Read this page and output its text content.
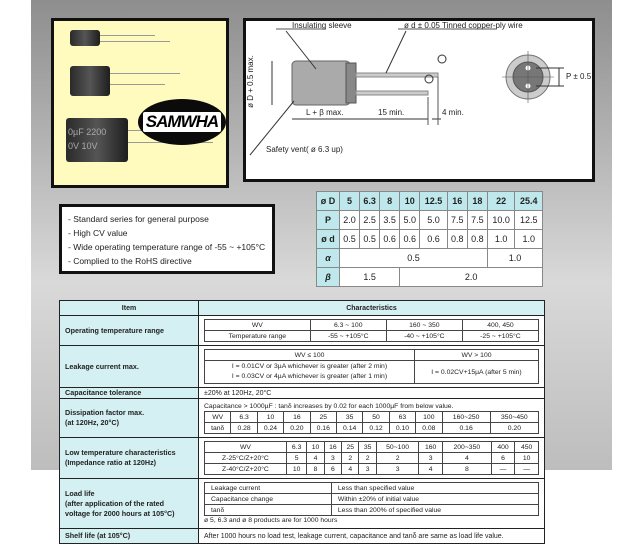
0µF 2200
0V 10V
SAMWHA
Insulating sleeve	ø d ± 0.05 Tinned copper-ply wire
ø D + 0.5 max.
L + β max.	15 min.	4 min.
Safety vent( ø 6.3 up)
P ± 0.5
- Standard series for general purpose
- High CV value
- Wide operating temperature range of -55 ~ +105°C
- Complied to the RoHS directive
ø D	5	6.3	8	10	12.5	16	18	22	25.4
P	2.0	2.5	3.5	5.0	5.0	7.5	7.5	10.0	12.5
ø d	0.5	0.5	0.6	0.6	0.6	0.8	0.8	1.0	1.0
α	0.5							1.0	
β	1.5			2.0					
Item	Characteristics
Operating temperature range	
WV	6.3 ~ 100	160 ~ 350	400, 450
Temperature range	-55 ~ +105°C	-40 ~ +105°C	-25 ~ +105°C

Leakage current max.	
WV ≤ 100	WV > 100

I = 0.01CV or 3µA whichever is greater (after 2 min)
I = 0.03CV or 4µA whichever is greater (after 1 min)
	I = 0.02CV+15µA (after 5 min)

Capacitance tolerance	±20% at 120Hz, 20°C

Dissipation factor max.
(at 120Hz, 20°C)

Capacitance > 1000µF : tanδ increases by 0.02 for each 1000µF from below value.
WV	6.3	10	16	25	35	50	63	100	160~250	350~450
tanδ	0.28	0.24	0.20	0.16	0.14	0.12	0.10	0.08	0.16	0.20

Low temperature characteristics
(Impedance ratio at 120Hz)

WV	6.3	10	16	25	35	50~100	160	200~350	400	450
Z-25°C/Z+20°C	5	4	3	2	2	2	3	4	6	10
Z-40°C/Z+20°C	10	8	6	4	3	3	4	8	—	—

Load life
(after application of the rated
voltage for 2000 hours at 105°C)

Leakage current	Less than specified value
Capacitance change	Within ±20% of initial value
tanδ	Less than 200% of specified value
ø 5, 6.3 and ø 8 products are for 1000 hours

Shelf life (at 105°C)	After 1000 hours no load test, leakage current, capacitance and tanδ are same as load life value.
